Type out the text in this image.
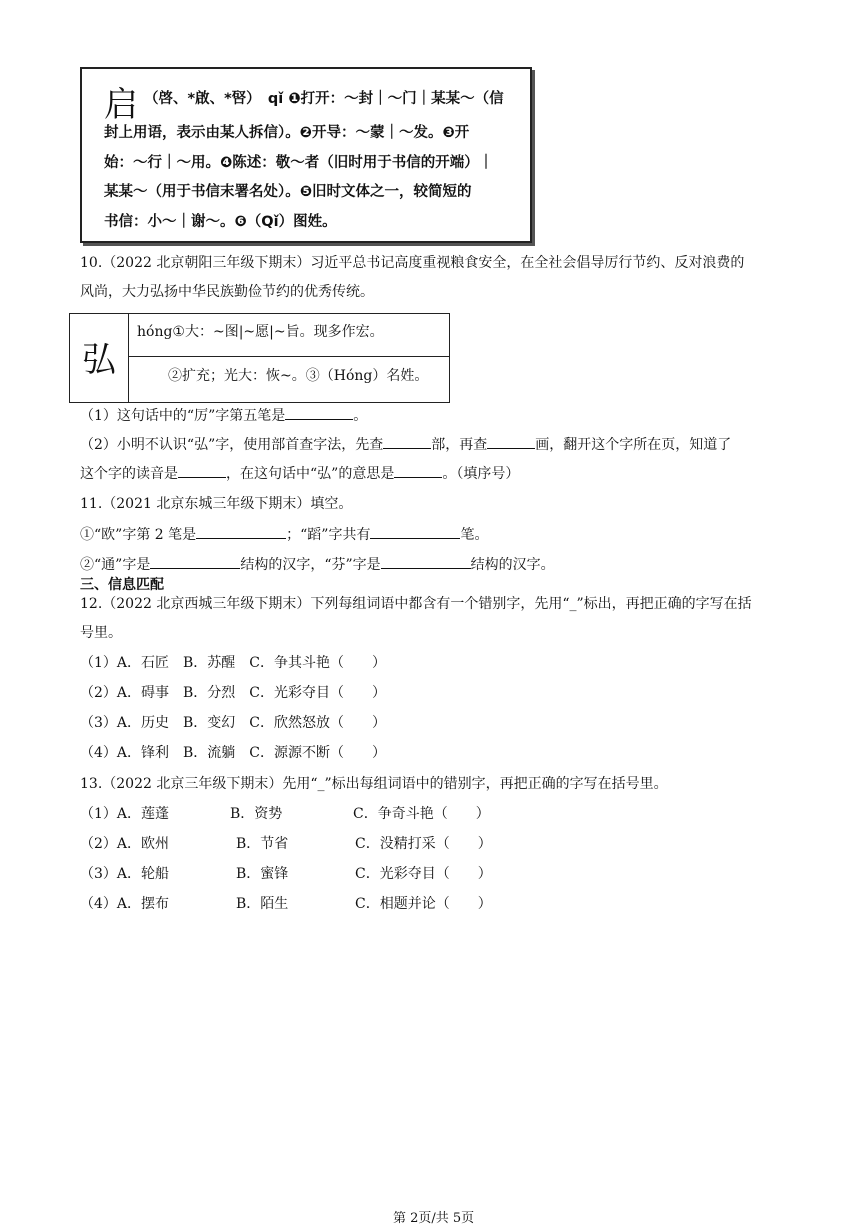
启 （啓、*啟、*唘）　qǐ ❶打开：～封｜～门｜某某～（信
封上用语，表示由某人拆信）。❷开导：～蒙｜～发。❸开
始：～行｜～用。❹陈述：敬～者（旧时用于书信的开端）｜
某某～（用于书信末署名处）。❺旧时文体之一，较简短的
书信：小～｜谢～。❻（Qǐ）图姓。
10.（2022 北京朝阳三年级下期末）习近平总书记高度重视粮食安全，在全社会倡导厉行节约、反对浪费的
风尚，大力弘扬中华民族勤俭节约的优秀传统。
弘
hóng①大：~图|~愿|~旨。现多作宏。
②扩充；光大：恢~。③（Hóng）名姓。
（1）这句话中的“厉”字第五笔是	。
（2）小明不认识“弘”字，使用部首查字法，先查	部，再查	画，翻开这个字所在页，知道了
这个字的读音是	，在这句话中“弘”的意思是	。（填序号）
11.（2021 北京东城三年级下期末）填空。
①“欧”字第 2 笔是	；“蹈”字共有	笔。
②“通”字是	结构的汉字，“芬”字是	结构的汉字。
三、信息匹配
12.（2022 北京西城三年级下期末）下列每组词语中都含有一个错别字，先用“_”标出，再把正确的字写在括
号里。
（1）A．石匠　B．苏醒　C．争其斗艳（　　）
（2）A．碍事　B．分烈　C．光彩夺目（　　）
（3）A．历史　B．变幻　C．欣然怒放（　　）
（4）A．锋利　B．流躺　C．源源不断（　　）
13.（2022 北京三年级下期末）先用“_”标出每组词语中的错别字，再把正确的字写在括号里。
（1）A．莲蓬	B．资势	C．争奇斗艳（　　）
（2）A．欧州	B．节省	C．没精打采（　　）
（3）A．轮船	B．蜜锋	C．光彩夺目（　　）
（4）A．摆布	B．陌生	C．相题并论（　　）
第 2页/共 5页
